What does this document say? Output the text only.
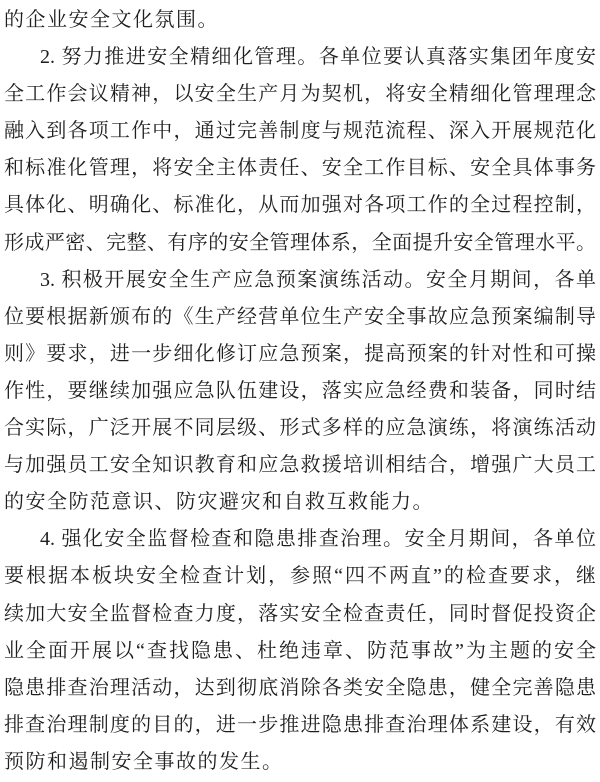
的企业安全文化氛围。
2. 努力推进安全精细化管理。各单位要认真落实集团年度安
全工作会议精神，以安全生产月为契机，将安全精细化管理理念
融入到各项工作中，通过完善制度与规范流程、深入开展规范化
和标准化管理，将安全主体责任、安全工作目标、安全具体事务
具体化、明确化、标准化，从而加强对各项工作的全过程控制，
形成严密、完整、有序的安全管理体系，全面提升安全管理水平。
3. 积极开展安全生产应急预案演练活动。安全月期间，各单
位要根据新颁布的《生产经营单位生产安全事故应急预案编制导
则》要求，进一步细化修订应急预案，提高预案的针对性和可操
作性，要继续加强应急队伍建设，落实应急经费和装备，同时结
合实际，广泛开展不同层级、形式多样的应急演练，将演练活动
与加强员工安全知识教育和应急救援培训相结合，增强广大员工
的安全防范意识、防灾避灾和自救互救能力。
4. 强化安全监督检查和隐患排查治理。安全月期间，各单位
要根据本板块安全检查计划，参照“四不两直”的检查要求，继
续加大安全监督检查力度，落实安全检查责任，同时督促投资企
业全面开展以“查找隐患、杜绝违章、防范事故”为主题的安全
隐患排查治理活动，达到彻底消除各类安全隐患，健全完善隐患
排查治理制度的目的，进一步推进隐患排查治理体系建设，有效
预防和遏制安全事故的发生。
